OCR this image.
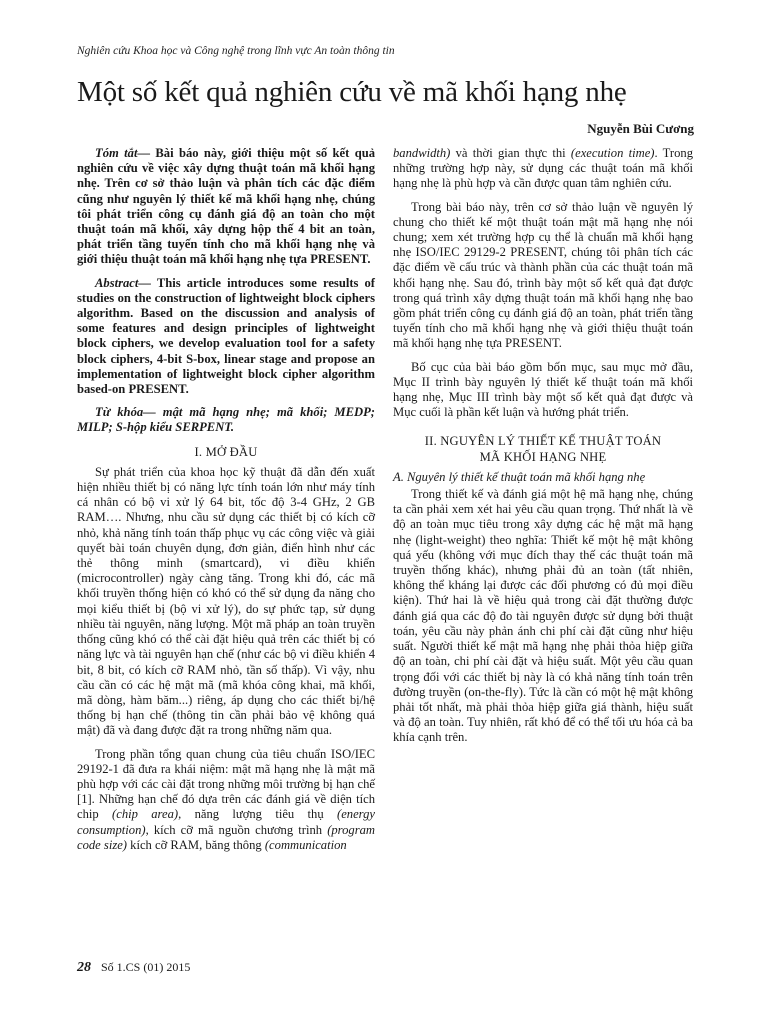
Nghiên cứu Khoa học và Công nghệ trong lĩnh vực An toàn thông tin
Một số kết quả nghiên cứu về mã khối hạng nhẹ
Nguyễn Bùi Cương

Tóm tắt— Bài báo này, giới thiệu một số kết quả nghiên cứu về việc xây dựng thuật toán mã khối hạng nhẹ. Trên cơ sở thảo luận và phân tích các đặc điểm cũng như nguyên lý thiết kế mã khối hạng nhẹ, chúng tôi phát triển công cụ đánh giá độ an toàn cho một thuật toán mã khối, xây dựng hộp thế 4 bit an toàn, phát triển tầng tuyến tính cho mã khối hạng nhẹ và giới thiệu thuật toán mã khối hạng nhẹ tựa PRESENT.

Abstract— This article introduces some results of studies on the construction of lightweight block ciphers algorithm. Based on the discussion and analysis of some features and design principles of lightweight block ciphers, we develop evaluation tool for a safety block ciphers, 4-bit S-box, linear stage and propose an implementation of lightweight block cipher algorithm based-on PRESENT.

Từ khóa— mật mã hạng nhẹ; mã khối; MEDP; MILP; S-hộp kiểu SERPENT.

I. MỞ ĐẦU

Sự phát triển của khoa học kỹ thuật đã dẫn đến xuất hiện nhiều thiết bị có năng lực tính toán lớn như máy tính cá nhân có bộ vi xử lý 64 bit, tốc độ 3-4 GHz, 2 GB RAM…. Nhưng, nhu cầu sử dụng các thiết bị có kích cỡ nhỏ, khả năng tính toán thấp phục vụ các công việc và giải quyết bài toán chuyên dụng, đơn giản, điển hình như các thẻ thông minh (smartcard), vi điều khiển (microcontroller) ngày càng tăng. Trong khi đó, các mã khối truyền thống hiện có khó có thể sử dụng đa năng cho mọi kiểu thiết bị (bộ vi xử lý), do sự phức tạp, sử dụng nhiều tài nguyên, năng lượng. Một mã pháp an toàn truyền thống cũng khó có thể cài đặt hiệu quả trên các thiết bị có năng lực và tài nguyên hạn chế (như các bộ vi điều khiển 4 bit, 8 bit, có kích cỡ RAM nhỏ, tần số thấp). Vì vậy, nhu cầu cần có các hệ mật mã (mã khóa công khai, mã khối, mã dòng, hàm băm...) riêng, áp dụng cho các thiết bị/hệ thống bị hạn chế (thông tin cần phải bảo vệ không quá mật) đã và đang được đặt ra trong những năm qua.

Trong phần tổng quan chung của tiêu chuẩn ISO/IEC 29192-1 đã đưa ra khái niệm: mật mã hạng nhẹ là mật mã phù hợp với các cài đặt trong những môi trường bị hạn chế [1]. Những hạn chế đó dựa trên các đánh giá về diện tích chip (chip area), năng lượng tiêu thụ (energy consumption), kích cỡ mã nguồn chương trình (program code size) kích cỡ RAM, băng thông (communication

bandwidth) và thời gian thực thi (execution time). Trong những trường hợp này, sử dụng các thuật toán mã khối hạng nhẹ là phù hợp và cần được quan tâm nghiên cứu.

Trong bài báo này, trên cơ sở thảo luận về nguyên lý chung cho thiết kế một thuật toán mật mã hạng nhẹ nói chung; xem xét trường hợp cụ thể là chuẩn mã khối hạng nhẹ ISO/IEC 29129-2 PRESENT, chúng tôi phân tích các đặc điểm về cấu trúc và thành phần của các thuật toán mã khối hạng nhẹ. Sau đó, trình bày một số kết quả đạt được trong quá trình xây dựng thuật toán mã khối hạng nhẹ bao gồm phát triển công cụ đánh giá độ an toàn, phát triển tầng tuyến tính cho mã khối hạng nhẹ và giới thiệu thuật toán mã khối hạng nhẹ tựa PRESENT.

Bố cục của bài báo gồm bốn mục, sau mục mở đầu, Mục II trình bày nguyên lý thiết kế thuật toán mã khối hạng nhẹ, Mục III trình bày một số kết quả đạt được và Mục cuối là phần kết luận và hướng phát triển.

II. NGUYÊN LÝ THIẾT KẾ THUẬT TOÁN
MÃ KHỐI HẠNG NHẸ

A. Nguyên lý thiết kế thuật toán mã khối hạng nhẹ

Trong thiết kế và đánh giá một hệ mã hạng nhẹ, chúng ta cần phải xem xét hai yêu cầu quan trọng. Thứ nhất là về độ an toàn mục tiêu trong xây dựng các hệ mật mã hạng nhẹ (light-weight) theo nghĩa: Thiết kế một hệ mật không quá yếu (không với mục đích thay thế các thuật toán mã truyền thống khác), nhưng phải đủ an toàn (tất nhiên, không thể kháng lại được các đối phương có đủ mọi điều kiện). Thứ hai là về hiệu quả trong cài đặt thường được đánh giá qua các độ đo tài nguyên được sử dụng bởi thuật toán, yêu cầu này phản ánh chi phí cài đặt cũng như hiệu suất. Người thiết kế mật mã hạng nhẹ phải thỏa hiệp giữa độ an toàn, chi phí cài đặt và hiệu suất. Một yêu cầu quan trọng đối với các thiết bị này là có khả năng tính toán trên đường truyền (on-the-fly). Tức là cần có một hệ mật không phải tốt nhất, mà phải thỏa hiệp giữa giá thành, hiệu suất và độ an toàn. Tuy nhiên, rất khó để có thể tối ưu hóa cả ba khía cạnh trên.

28 Số 1.CS (01) 2015
